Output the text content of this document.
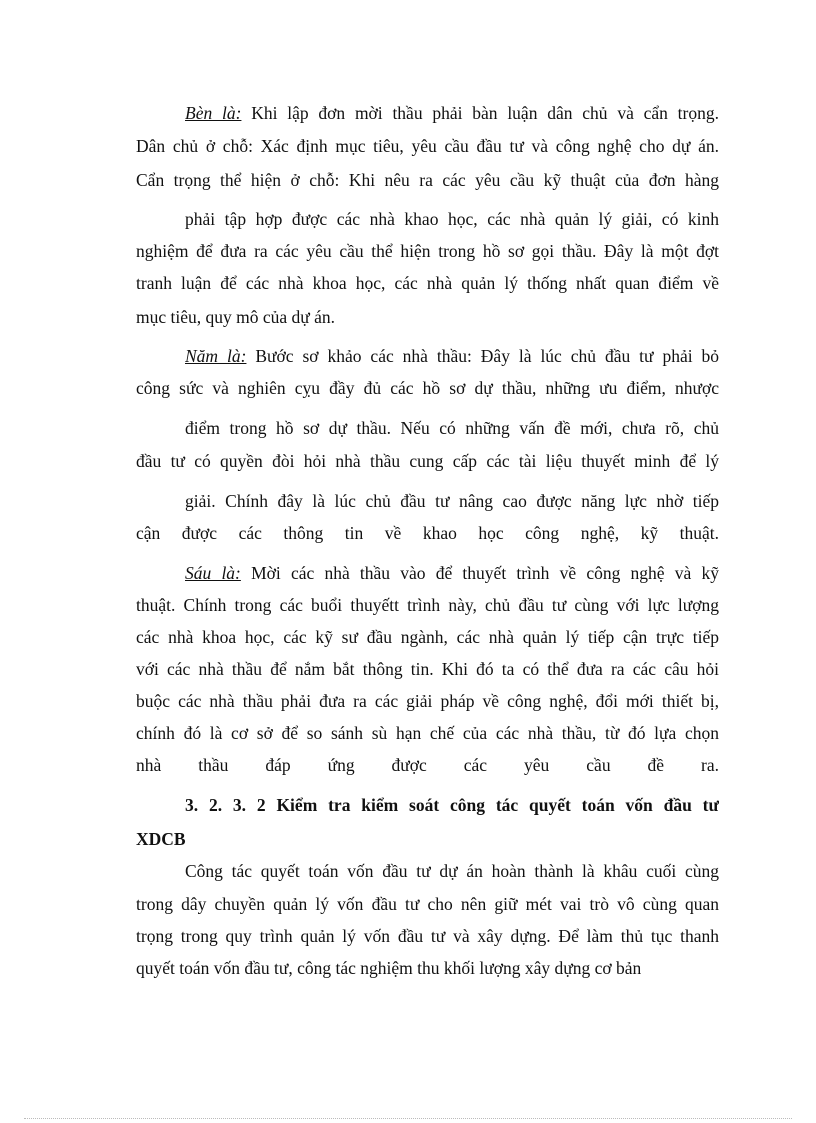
Bèn là: Khi lập đơn mời thầu phải bàn luận dân chủ và cẩn trọng.
Dân chủ ở chỗ: Xác định mục tiêu, yêu cầu đầu tư và công nghệ cho dự án.
Cẩn trọng thể hiện ở chỗ: Khi nêu ra các yêu cầu kỹ thuật của đơn hàng
phải tập hợp được các nhà khao học, các nhà quản lý giải, có kinh
nghiệm để đưa ra các yêu cầu thể hiện trong hồ sơ gọi thầu. Đây là một đợt
tranh luận để các nhà khoa học, các nhà quản lý thống nhất quan điểm về
mục tiêu, quy mô của dự án.
Năm là: Bước sơ khảo các nhà thầu: Đây là lúc chủ đầu tư phải bỏ
công sức và nghiên cỵu đầy đủ các hồ sơ dự thầu, những ưu điểm, nhược
điểm trong hồ sơ dự thầu. Nếu có những vấn đề mới, chưa rõ, chủ
đầu tư có quyền đòi hỏi nhà thầu cung cấp các tài liệu thuyết minh để lý
giải. Chính đây là lúc chủ đầu tư nâng cao được năng lực nhờ tiếp
cận được các thông tin về khao học công nghệ, kỹ thuật.
Sáu là: Mời các nhà thầu vào để thuyết trình về công nghệ và kỹ
thuật. Chính trong các buổi thuyếtt trình này, chủ đầu tư cùng với lực lượng
các nhà khoa học, các kỹ sư đầu ngành, các nhà quản lý tiếp cận trực tiếp
với các nhà thầu để nắm bắt thông tin. Khi đó ta có thể đưa ra các câu hỏi
buộc các nhà thầu phải đưa ra các giải pháp về công nghệ, đổi mới thiết bị,
chính đó là cơ sở để so sánh sù hạn chế của các nhà thầu, từ đó lựa chọn
nhà thầu đáp ứng được các yêu cầu đề ra.
3. 2. 3. 2 Kiểm tra kiểm soát công tác quyết toán vốn đầu tư
XDCB
Công tác quyết toán vốn đầu tư dự án hoàn thành là khâu cuối cùng
trong dây chuyền quản lý vốn đầu tư cho nên giữ mét vai trò vô cùng quan
trọng trong quy trình quản lý vốn đầu tư và xây dựng. Để làm thủ tục thanh
quyết toán vốn đầu tư, công tác nghiệm thu khối lượng xây dựng cơ bản
